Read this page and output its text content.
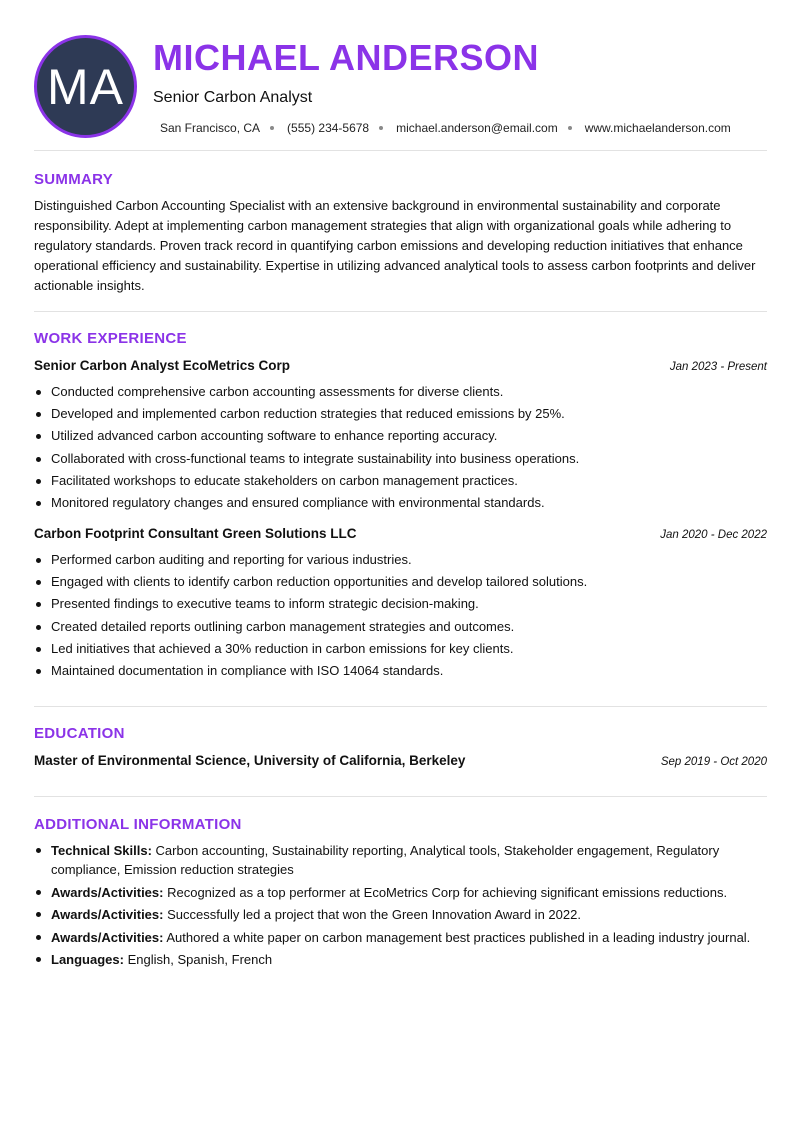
MA
MICHAEL ANDERSON
Senior Carbon Analyst
San Francisco, CA (555) 234-5678 michael.anderson@email.com www.michaelanderson.com
SUMMARY

Distinguished Carbon Accounting Specialist with an extensive background in environmental sustainability and corporate responsibility. Adept at implementing carbon management strategies that align with organizational goals while adhering to regulatory standards. Proven track record in quantifying carbon emissions and developing reduction initiatives that enhance operational efficiency and sustainability. Expertise in utilizing advanced analytical tools to assess carbon footprints and deliver actionable insights.

WORK EXPERIENCE
Senior Carbon Analyst EcoMetrics Corp	Jan 2023 - Present
Conducted comprehensive carbon accounting assessments for diverse clients.
Developed and implemented carbon reduction strategies that reduced emissions by 25%.
Utilized advanced carbon accounting software to enhance reporting accuracy.
Collaborated with cross-functional teams to integrate sustainability into business operations.
Facilitated workshops to educate stakeholders on carbon management practices.
Monitored regulatory changes and ensured compliance with environmental standards.
Carbon Footprint Consultant Green Solutions LLC	Jan 2020 - Dec 2022
Performed carbon auditing and reporting for various industries.
Engaged with clients to identify carbon reduction opportunities and develop tailored solutions.
Presented findings to executive teams to inform strategic decision-making.
Created detailed reports outlining carbon management strategies and outcomes.
Led initiatives that achieved a 30% reduction in carbon emissions for key clients.
Maintained documentation in compliance with ISO 14064 standards.
EDUCATION
Master of Environmental Science, University of California, Berkeley	Sep 2019 - Oct 2020
ADDITIONAL INFORMATION
Technical Skills: Carbon accounting, Sustainability reporting, Analytical tools, Stakeholder engagement, Regulatory compliance, Emission reduction strategies
Awards/Activities: Recognized as a top performer at EcoMetrics Corp for achieving significant emissions reductions.
Awards/Activities: Successfully led a project that won the Green Innovation Award in 2022.
Awards/Activities: Authored a white paper on carbon management best practices published in a leading industry journal.
Languages: English, Spanish, French
